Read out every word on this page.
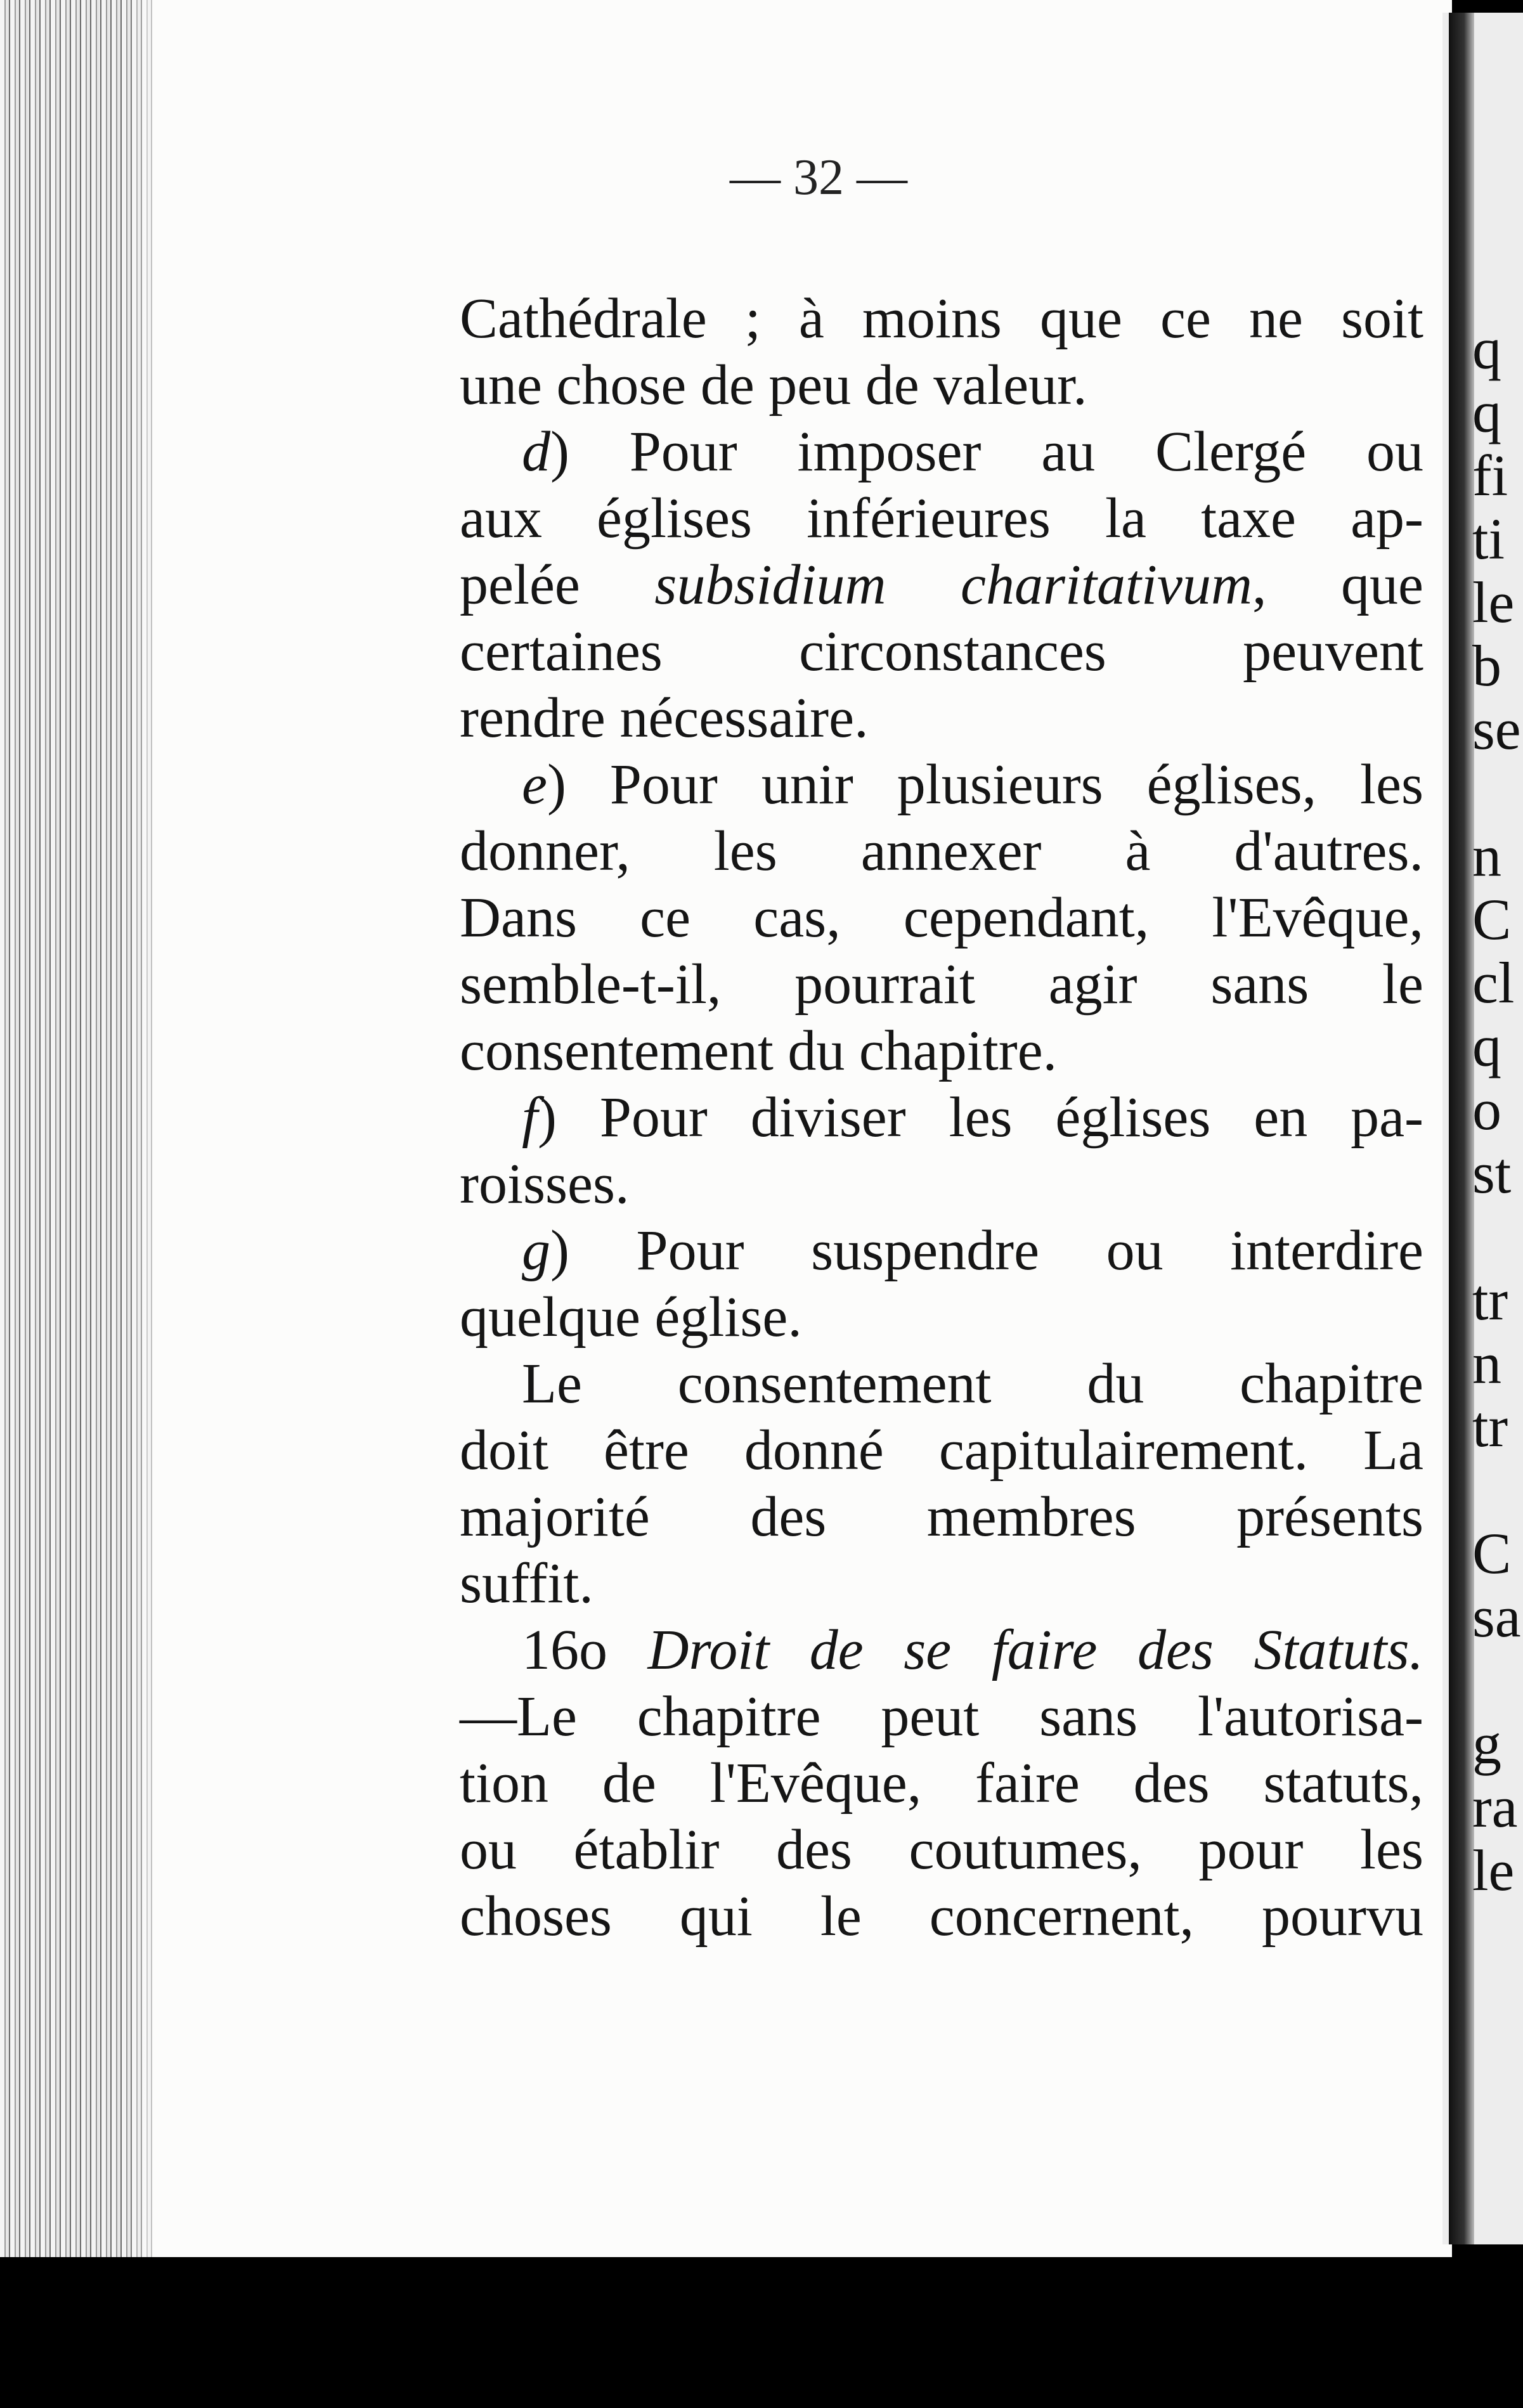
q
q
fi
ti
le
b
se
n
C
cl
q
o
st
tr
n
tr
C
sa
g
ra
le
— 32 —
Cathédrale ; à moins que ce ne soit
une chose de peu de valeur.
d) Pour imposer au Clergé ou
aux églises inférieures la taxe ap-
pelée subsidium charitativum, que
certaines circonstances peuvent
rendre nécessaire.
e) Pour unir plusieurs églises, les
donner, les annexer à d'autres.
Dans ce cas, cependant, l'Evêque,
semble-t-il, pourrait agir sans le
consentement du chapitre.
f) Pour diviser les églises en pa-
roisses.
g) Pour suspendre ou interdire
quelque église.
Le consentement du chapitre
doit être donné capitulairement. La
majorité des membres présents
suffit.
16o Droit de se faire des Statuts.
—Le chapitre peut sans l'autorisa-
tion de l'Evêque, faire des statuts,
ou établir des coutumes, pour les
choses qui le concernent, pourvu
